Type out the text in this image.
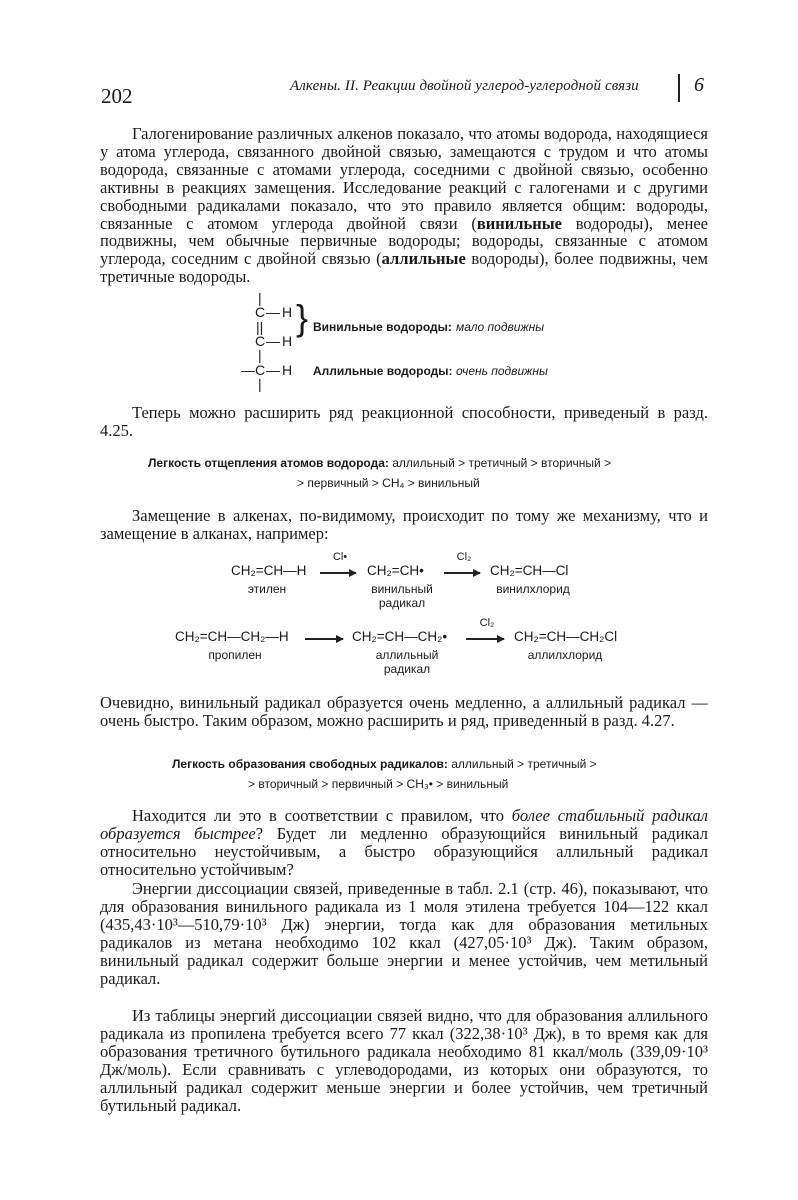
202	Алкены. II. Реакции двойной углерод-углеродной связи	6
Галогенирование различных алкенов показало, что атомы водорода, находящиеся у атома углерода, связанного двойной связью, замещаются с трудом и что атомы водорода, связанные с атомами углерода, соседними с двойной связью, особенно активны в реакциях замещения. Исследование реакций с галогенами и с другими свободными радикалами показало, что это правило является общим: водороды, связанные с атомом углерода двойной связи (винильные водороды), менее подвижны, чем обычные первичные водороды; водороды, связанные с атомом углерода, соседним с двойной связью (аллильные водороды), более подвижны, чем третичные водороды.
|
C — H
||
C — H
} Винильные водороды: мало подвижны
|
— C — H Аллильные водороды: очень подвижны
|
Теперь можно расширить ряд реакционной способности, приведеный в разд. 4.25.
Легкость отщепления атомов водорода: аллильный > третичный > вторичный >
> первичный > CH₄ > винильный
Замещение в алкенах, по-видимому, происходит по тому же механизму, что и замещение в алканах, например:
CH₂=CH—H
этилен
Cl•
CH₂=CH•
винильный радикал
Cl₂
CH₂=CH—Cl
винилхлорид
CH₂=CH—CH₂—H
пропилен
CH₂=CH—CH₂•
аллильный радикал
Cl₂
CH₂=CH—CH₂Cl
аллилхлорид
Очевидно, винильный радикал образуется очень медленно, а аллильный радикал — очень быстро. Таким образом, можно расширить и ряд, приведенный в разд. 4.27.
Легкость образования свободных радикалов: аллильный > третичный >
> вторичный > первичный > CH₃• > винильный
Находится ли это в соответствии с правилом, что более стабильный радикал образуется быстрее? Будет ли медленно образующийся винильный радикал относительно неустойчивым, а быстро образующийся аллильный радикал относительно устойчивым?
Энергии диссоциации связей, приведенные в табл. 2.1 (стр. 46), показывают, что для образования винильного радикала из 1 моля этилена требуется 104—122 ккал (435,43·10³—510,79·10³ Дж) энергии, тогда как для образования метильных радикалов из метана необходимо 102 ккал (427,05·10³ Дж). Таким образом, винильный радикал содержит больше энергии и менее устойчив, чем метильный радикал.
Из таблицы энергий диссоциации связей видно, что для образования аллильного радикала из пропилена требуется всего 77 ккал (322,38·10³ Дж), в то время как для образования третичного бутильного радикала необходимо 81 ккал/моль (339,09·10³ Дж/моль). Если сравнивать с углеводородами, из которых они образуются, то аллильный радикал содержит меньше энергии и более устойчив, чем третичный бутильный радикал.
